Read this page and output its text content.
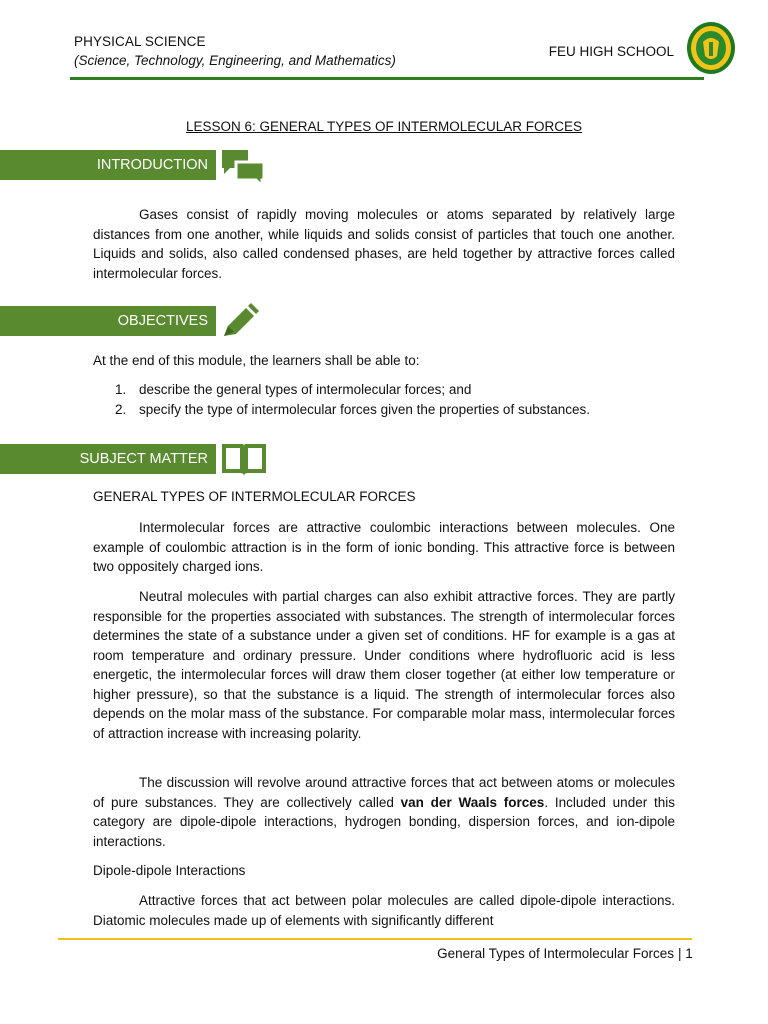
PHYSICAL SCIENCE
(Science, Technology, Engineering, and Mathematics)
FEU HIGH SCHOOL
LESSON 6: GENERAL TYPES OF INTERMOLECULAR FORCES
INTRODUCTION
Gases consist of rapidly moving molecules or atoms separated by relatively large distances from one another, while liquids and solids consist of particles that touch one another. Liquids and solids, also called condensed phases, are held together by attractive forces called intermolecular forces.
OBJECTIVES
At the end of this module, the learners shall be able to:
1. describe the general types of intermolecular forces; and
2. specify the type of intermolecular forces given the properties of substances.
SUBJECT MATTER
GENERAL TYPES OF INTERMOLECULAR FORCES
Intermolecular forces are attractive coulombic interactions between molecules. One example of coulombic attraction is in the form of ionic bonding. This attractive force is between two oppositely charged ions.
Neutral molecules with partial charges can also exhibit attractive forces. They are partly responsible for the properties associated with substances. The strength of intermolecular forces determines the state of a substance under a given set of conditions. HF for example is a gas at room temperature and ordinary pressure. Under conditions where hydrofluoric acid is less energetic, the intermolecular forces will draw them closer together (at either low temperature or higher pressure), so that the substance is a liquid. The strength of intermolecular forces also depends on the molar mass of the substance. For comparable molar mass, intermolecular forces of attraction increase with increasing polarity.
The discussion will revolve around attractive forces that act between atoms or molecules of pure substances. They are collectively called van der Waals forces. Included under this category are dipole-dipole interactions, hydrogen bonding, dispersion forces, and ion-dipole interactions.
Dipole-dipole Interactions
Attractive forces that act between polar molecules are called dipole-dipole interactions. Diatomic molecules made up of elements with significantly different
General Types of Intermolecular Forces | 1
